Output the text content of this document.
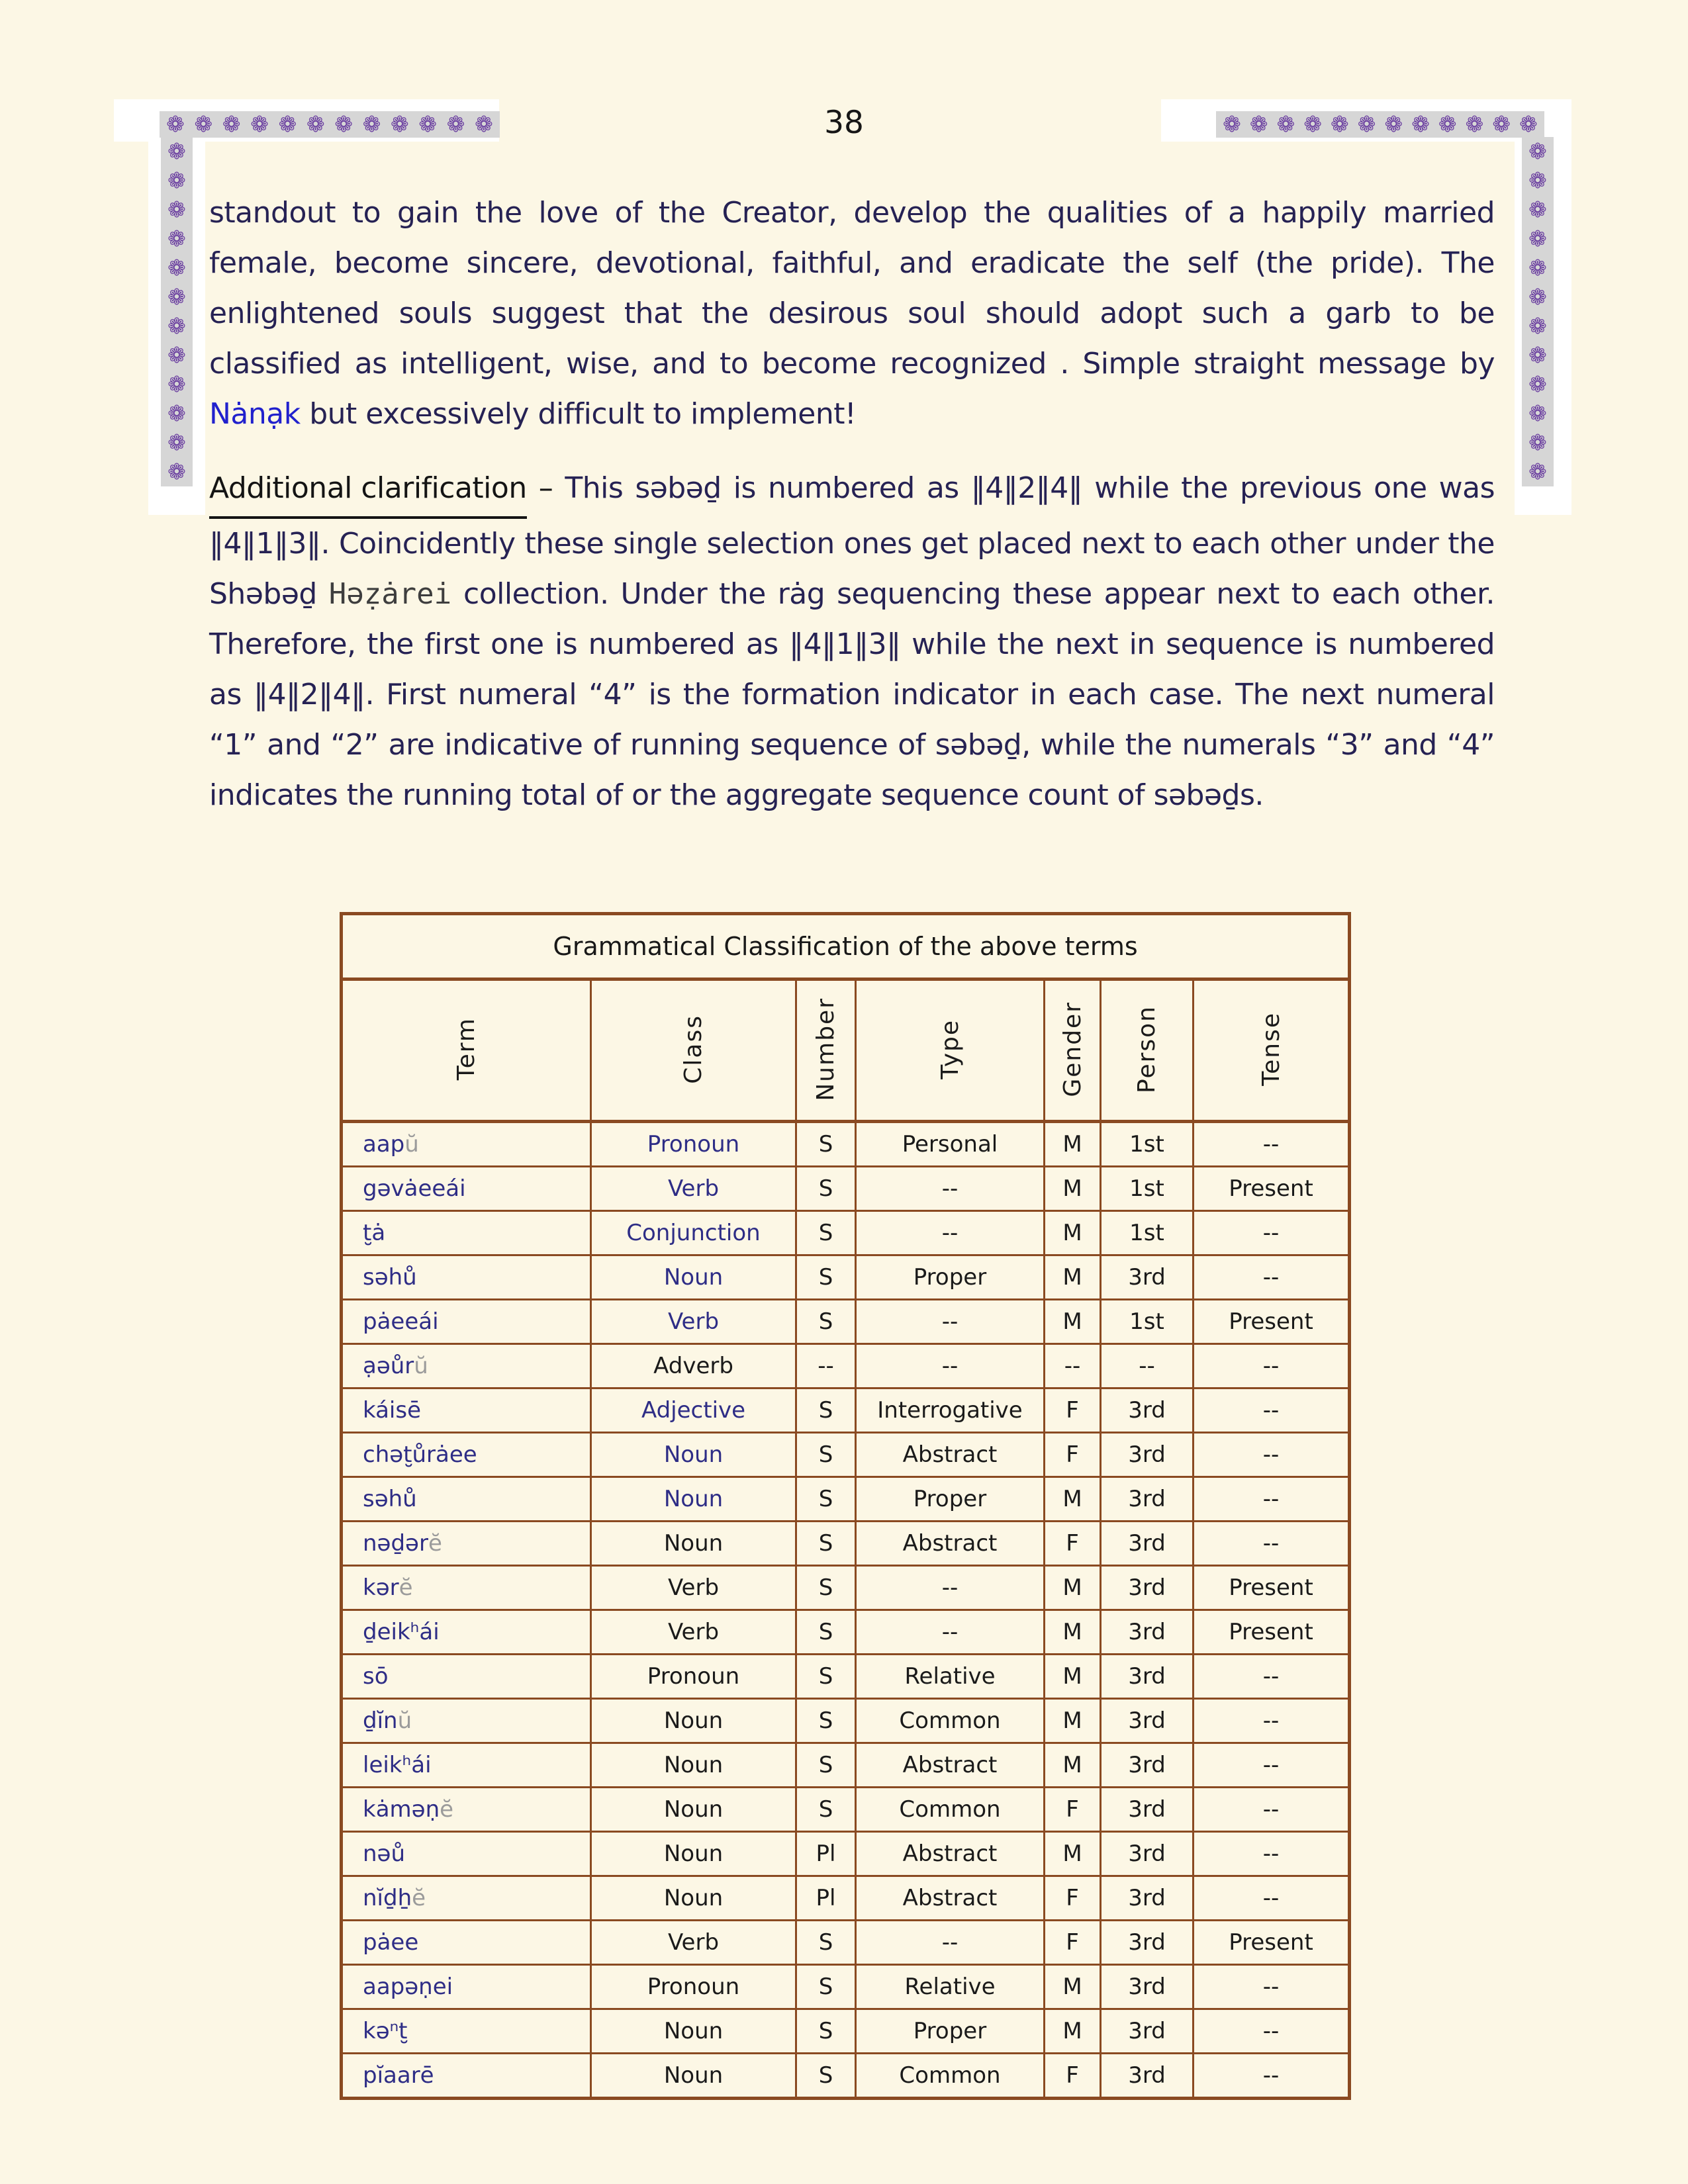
❁ ❁ ❁ ❁ ❁ ❁ ❁ ❁ ❁ ❁ ❁ ❁	❁ ❁ ❁ ❁ ❁ ❁ ❁ ❁ ❁ ❁ ❁ ❁
❁
❁
❁
❁
❁
❁
❁
❁
❁
❁
❁
❁
❁
❁
❁
❁
❁
❁
❁
❁
❁
❁
❁
❁
38
standout to gain the love of the Creator, develop the qualities of a happily married female, become sincere, devotional, faithful, and eradicate the self (the pride). The enlightened souls suggest that the desirous soul should adopt such a garb to be classified as intelligent, wise, and to become recognized . Simple straight message by Nȧnạk but excessively difficult to implement!
Additional clarification – This səbəḏ is numbered as ‖4‖2‖4‖ while the previous one was ‖4‖1‖3‖. Coincidently these single selection ones get placed next to each other under the Shəbəḏ Həẓȧrei collection. Under the rȧg sequencing these appear next to each other. Therefore, the first one is numbered as ‖4‖1‖3‖ while the next in sequence is numbered as ‖4‖2‖4‖. First numeral “4” is the formation indicator in each case. The next numeral “1” and “2” are indicative of running sequence of səbəḏ, while the numerals “3” and “4” indicates the running total of or the aggregate sequence count of səbəḏs.
Grammatical Classification of the above terms						
Term	Class	Number	Type	Gender	Person	Tense
aapŭ	Pronoun	S	Personal	M	1st	--
gəvȧeeái	Verb	S	--	M	1st	Present
t̮ȧ	Conjunction	S	--	M	1st	--
səhů	Noun	S	Proper	M	3rd	--
pȧeeái	Verb	S	--	M	1st	Present
ạəůrŭ	Adverb	--	--	--	--	--
káisē	Adjective	S	Interrogative	F	3rd	--
chət̮ůrȧee	Noun	S	Abstract	F	3rd	--
səhů	Noun	S	Proper	M	3rd	--
nəḏərĕ	Noun	S	Abstract	F	3rd	--
kərĕ	Verb	S	--	M	3rd	Present
ḏeikʰái	Verb	S	--	M	3rd	Present
sō	Pronoun	S	Relative	M	3rd	--
ḏĭnŭ	Noun	S	Common	M	3rd	--
leikʰái	Noun	S	Abstract	M	3rd	--
kȧməṇĕ	Noun	S	Common	F	3rd	--
nəů	Noun	Pl	Abstract	M	3rd	--
nĭḏẖĕ	Noun	Pl	Abstract	F	3rd	--
pȧee	Verb	S	--	F	3rd	Present
aapəṇei	Pronoun	S	Relative	M	3rd	--
kəⁿt̮	Noun	S	Proper	M	3rd	--
pĭaarē	Noun	S	Common	F	3rd	--
